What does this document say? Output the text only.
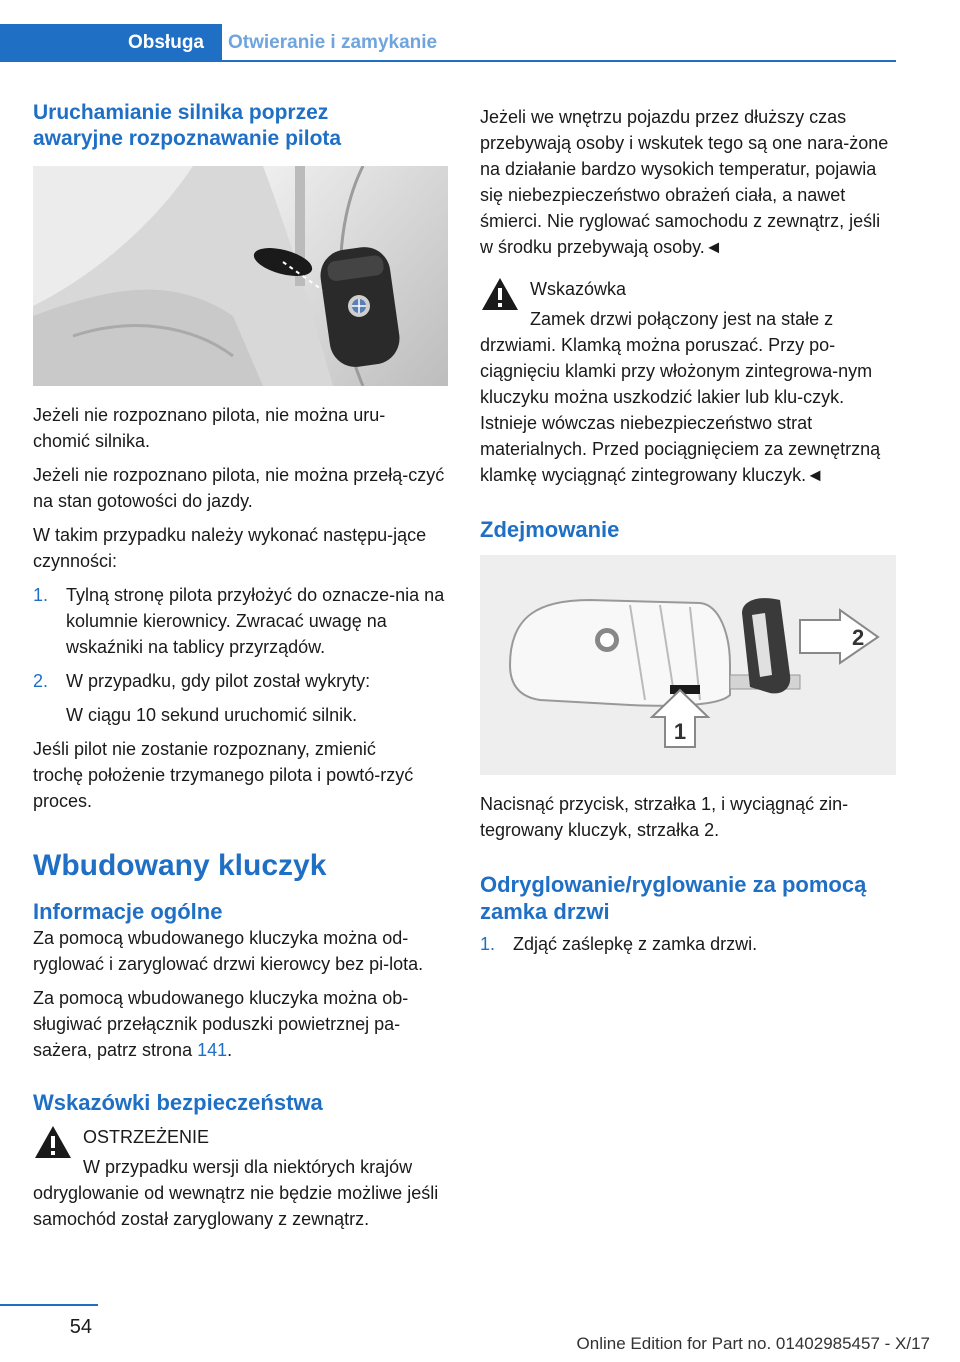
Obsługa	Otwieranie i zamykanie
Uruchamianie silnika poprzez awaryjne rozpoznawanie pilota

Jeżeli nie rozpoznano pilota, nie można uru‐chomić silnika.

Jeżeli nie rozpoznano pilota, nie można przełą‐czyć na stan gotowości do jazdy.

W takim przypadku należy wykonać następu‐jące czynności:

1. Tylną stronę pilota przyłożyć do oznacze‐nia na kolumnie kierownicy. Zwracać uwagę na wskaźniki na tablicy przyrządów.
2. W przypadku, gdy pilot został wykryty:
W ciągu 10 sekund uruchomić silnik.

Jeśli pilot nie zostanie rozpoznany, zmienić trochę położenie trzymanego pilota i powtó‐rzyć proces.

Wbudowany kluczyk
Informacje ogólne

Za pomocą wbudowanego kluczyka można od‐ryglować i zaryglować drzwi kierowcy bez pi‐lota.

Za pomocą wbudowanego kluczyka można ob‐sługiwać przełącznik poduszki powietrznej pa‐sażera, patrz strona 141.

Wskazówki bezpieczeństwa

OSTRZEŻENIE

W przypadku wersji dla niektórych krajów odryglowanie od wewnątrz nie będzie możliwe jeśli samochód został zaryglowany z zewnątrz.

Jeżeli we wnętrzu pojazdu przez dłuższy czas przebywają osoby i wskutek tego są one nara‐żone na działanie bardzo wysokich temperatur, pojawia się niebezpieczeństwo obrażeń ciała, a nawet śmierci. Nie ryglować samochodu z zewnątrz, jeśli w środku przebywają osoby.◄

Wskazówka

Zamek drzwi połączony jest na stałe z drzwiami. Klamką można poruszać. Przy po‐ciągnięciu klamki przy włożonym zintegrowa‐nym kluczyku można uszkodzić lakier lub klu‐czyk. Istnieje wówczas niebezpieczeństwo strat materialnych. Przed pociągnięciem za zewnętrzną klamkę wyciągnąć zintegrowany kluczyk.◄

Zdejmowanie
2
1

Nacisnąć przycisk, strzałka 1, i wyciągnąć zin‐tegrowany kluczyk, strzałka 2.

Odryglowanie/ryglowanie za pomocą zamka drzwi
1. Zdjąć zaślepkę z zamka drzwi.
54
Online Edition for Part no. 01402985457 - X/17
